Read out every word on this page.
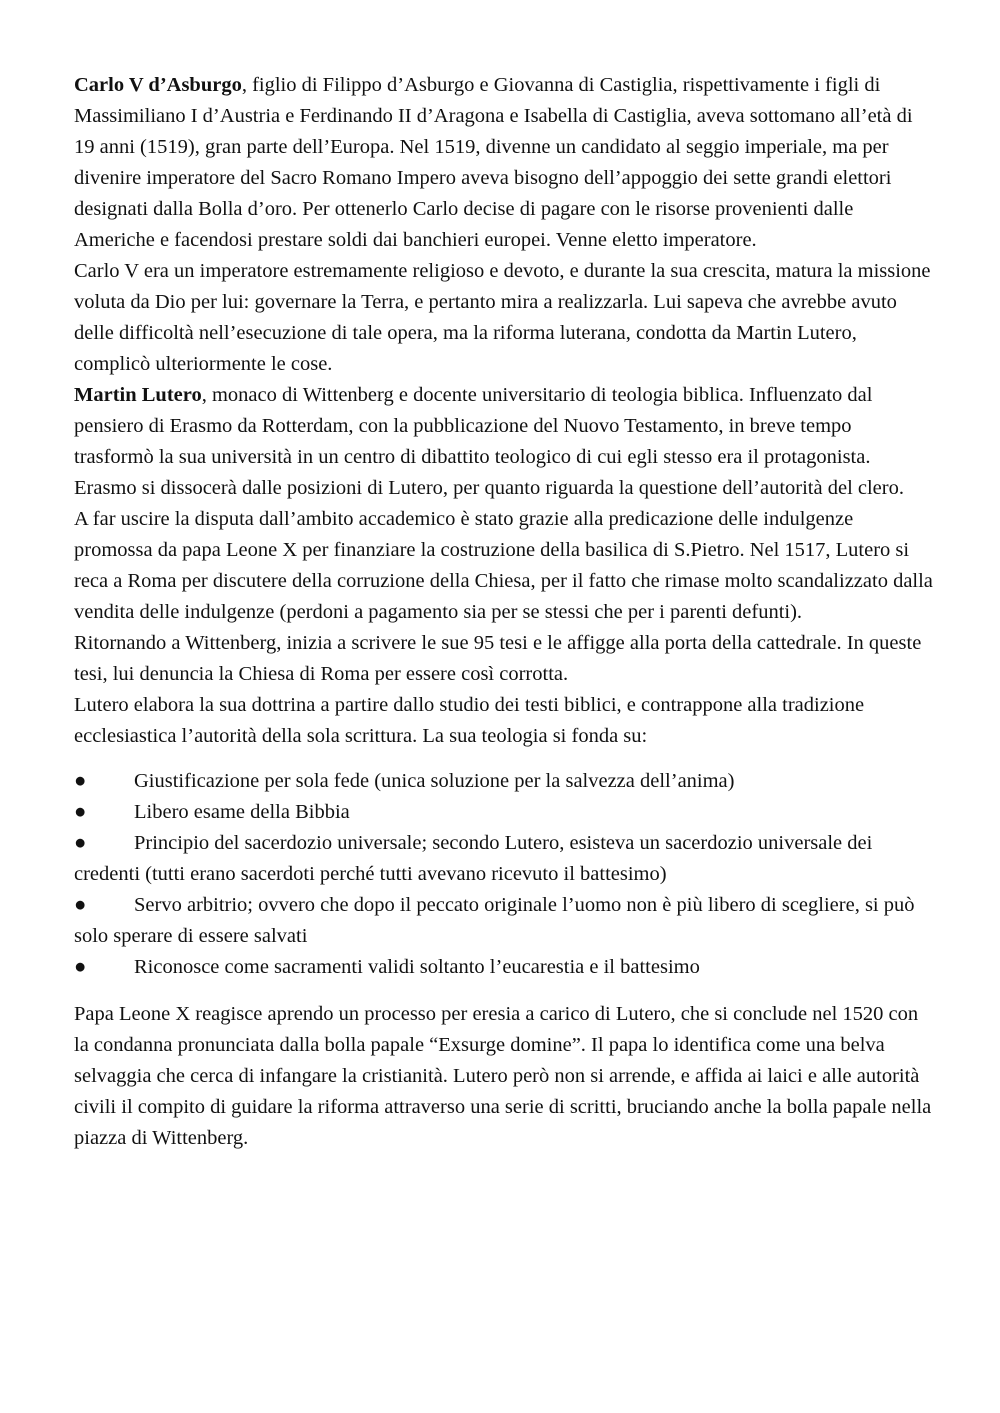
Carlo V d’Asburgo, figlio di Filippo d’Asburgo e Giovanna di Castiglia, rispettivamente i figli di Massimiliano I d’Austria e Ferdinando II d’Aragona e Isabella di Castiglia, aveva sottomano all’età di 19 anni (1519), gran parte dell’Europa. Nel 1519, divenne un candidato al seggio imperiale, ma per divenire imperatore del Sacro Romano Impero aveva bisogno dell’appoggio dei sette grandi elettori designati dalla Bolla d’oro. Per ottenerlo Carlo decise di pagare con le risorse provenienti dalle Americhe e facendosi prestare soldi dai banchieri europei. Venne eletto imperatore.

Carlo V era un imperatore estremamente religioso e devoto, e durante la sua crescita, matura la missione voluta da Dio per lui: governare la Terra, e pertanto mira a realizzarla. Lui sapeva che avrebbe avuto delle difficoltà nell’esecuzione di tale opera, ma la riforma luterana, condotta da Martin Lutero, complicò ulteriormente le cose.

Martin Lutero, monaco di Wittenberg e docente universitario di teologia biblica. Influenzato dal pensiero di Erasmo da Rotterdam, con la pubblicazione del Nuovo Testamento, in breve tempo trasformò la sua università in un centro di dibattito teologico di cui egli stesso era il protagonista.

Erasmo si dissocerà dalle posizioni di Lutero, per quanto riguarda la questione dell’autorità del clero.

A far uscire la disputa dall’ambito accademico è stato grazie alla predicazione delle indulgenze promossa da papa Leone X per finanziare la costruzione della basilica di S.Pietro. Nel 1517, Lutero si reca a Roma per discutere della corruzione della Chiesa, per il fatto che rimase molto scandalizzato dalla vendita delle indulgenze (perdoni a pagamento sia per se stessi che per i parenti defunti).

Ritornando a Wittenberg, inizia a scrivere le sue 95 tesi e le affigge alla porta della cattedrale. In queste tesi, lui denuncia la Chiesa di Roma per essere così corrotta.

Lutero elabora la sua dottrina a partire dallo studio dei testi biblici, e contrappone alla tradizione ecclesiastica l’autorità della sola scrittura. La sua teologia si fonda su:

● Giustificazione per sola fede (unica soluzione per la salvezza dell’anima)
● Libero esame della Bibbia
● Principio del sacerdozio universale; secondo Lutero, esisteva un sacerdozio universale dei credenti (tutti erano sacerdoti perché tutti avevano ricevuto il battesimo)
● Servo arbitrio; ovvero che dopo il peccato originale l’uomo non è più libero di scegliere, si può solo sperare di essere salvati
● Riconosce come sacramenti validi soltanto l’eucarestia e il battesimo

Papa Leone X reagisce aprendo un processo per eresia a carico di Lutero, che si conclude nel 1520 con la condanna pronunciata dalla bolla papale “Exsurge domine”. Il papa lo identifica come una belva selvaggia che cerca di infangare la cristianità. Lutero però non si arrende, e affida ai laici e alle autorità civili il compito di guidare la riforma attraverso una serie di scritti, bruciando anche la bolla papale nella piazza di Wittenberg.
